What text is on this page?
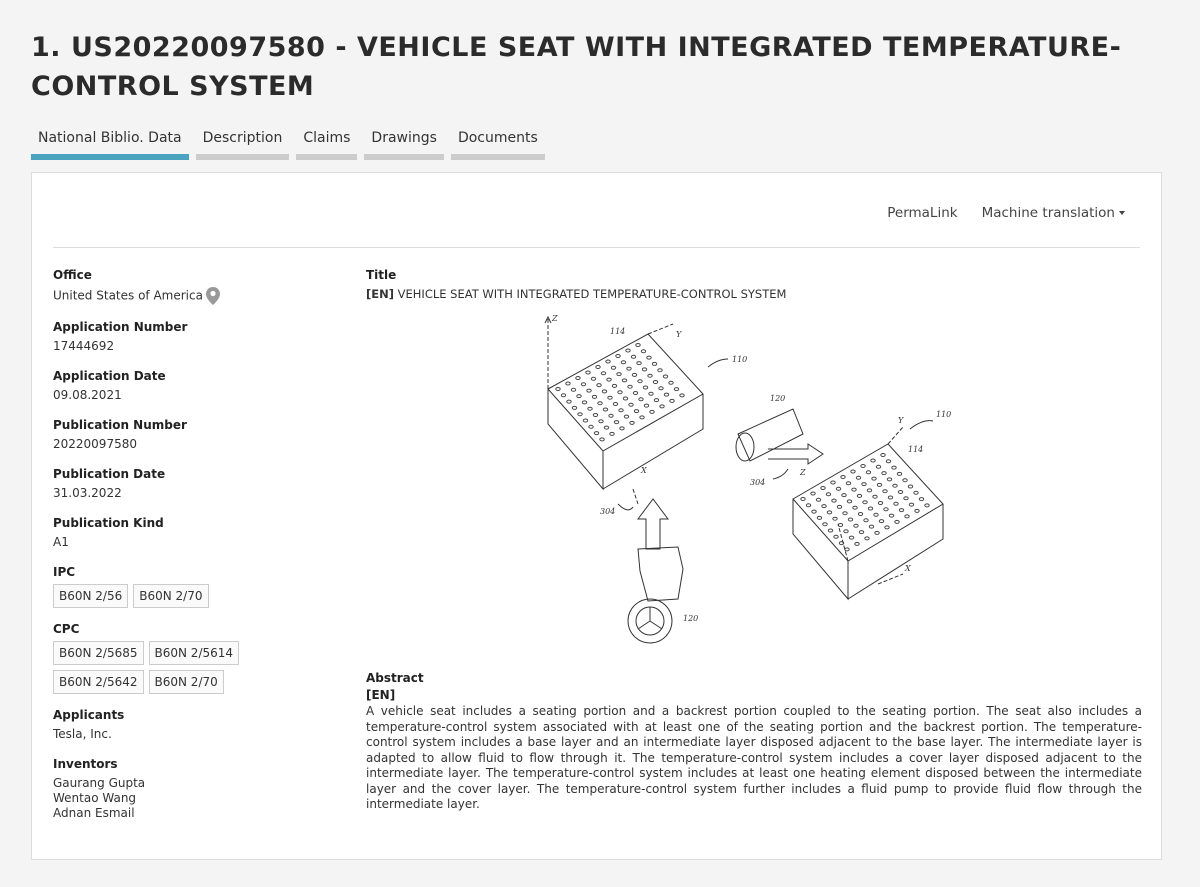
1. US20220097580 - VEHICLE SEAT WITH INTEGRATED TEMPERATURE-CONTROL SYSTEM
National Biblio. Data	Description	Claims	Drawings	Documents
PermaLink Machine translation
Office
United States of America
Application Number
17444692
Application Date
09.08.2021
Publication Number
20220097580
Publication Date
31.03.2022
Publication Kind
A1
IPC
B60N 2/56	B60N 2/70
CPC
B60N 2/5685	B60N 2/5614
B60N 2/5642	B60N 2/70
Applicants
Tesla, Inc.
Inventors
Gaurang Gupta
Wentao Wang
Adnan Esmail
Title
[EN] VEHICLE SEAT WITH INTEGRATED TEMPERATURE-CONTROL SYSTEM
Z
Y
114
110
X
304
120
120
304
Z
Y
110
114
X
Abstract
[EN]
A vehicle seat includes a seating portion and a backrest portion coupled to the seating portion. The seat also includes a temperature-control system associated with at least one of the seating portion and the backrest portion. The temperature-control system includes a base layer and an intermediate layer disposed adjacent to the base layer. The intermediate layer is adapted to allow fluid to flow through it. The temperature-control system includes a cover layer disposed adjacent to the intermediate layer. The temperature-control system includes at least one heating element disposed between the intermediate layer and the cover layer. The temperature-control system further includes a fluid pump to provide fluid flow through the intermediate layer.
